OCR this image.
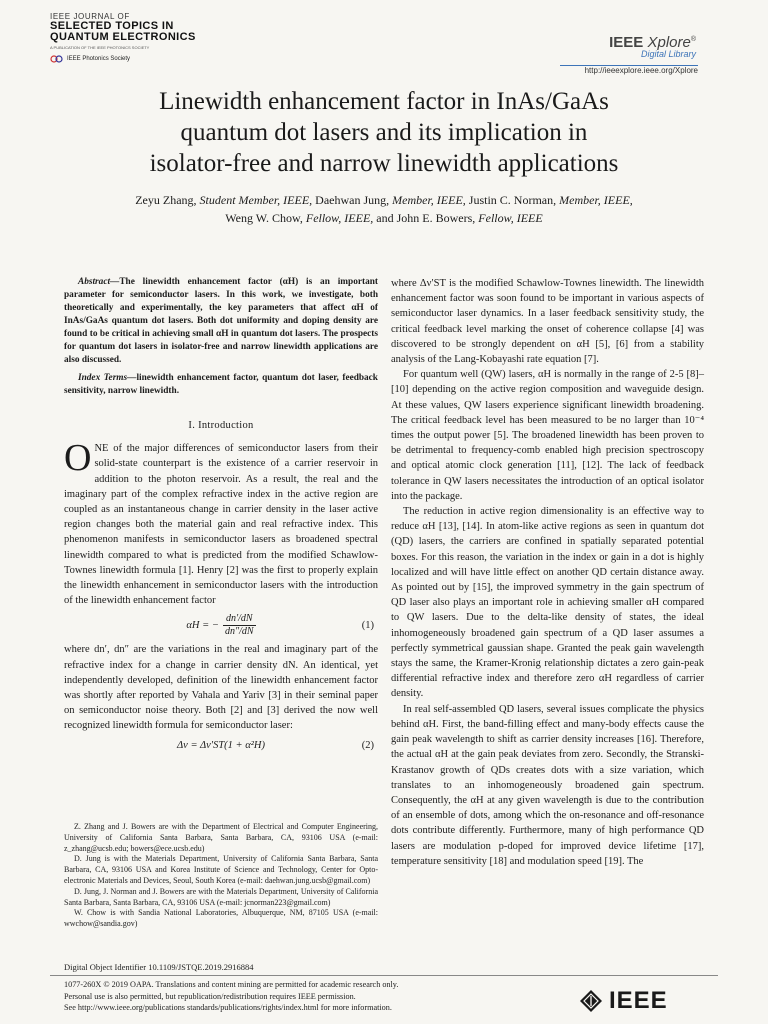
IEEE JOURNAL OF
SELECTED TOPICS IN
QUANTUM ELECTRONICS
A PUBLICATION OF THE IEEE PHOTONICS SOCIETY
IEEE Photonics Society
IEEE Xplore®
Digital Library
http://ieeexplore.ieee.org/Xplore
Linewidth enhancement factor in InAs/GaAs
quantum dot lasers and its implication in
isolator-free and narrow linewidth applications
Zeyu Zhang, Student Member, IEEE, Daehwan Jung, Member, IEEE, Justin C. Norman, Member, IEEE,
Weng W. Chow, Fellow, IEEE, and John E. Bowers, Fellow, IEEE

Abstract—The linewidth enhancement factor (αH) is an important parameter for semiconductor lasers. In this work, we investigate, both theoretically and experimentally, the key parameters that affect αH of InAs/GaAs quantum dot lasers. Both dot uniformity and doping density are found to be critical in achieving small αH in quantum dot lasers. The prospects for quantum dot lasers in isolator-free and narrow linewidth applications are also discussed.

Index Terms—linewidth enhancement factor, quantum dot laser, feedback sensitivity, narrow linewidth.

I. Introduction

ONE of the major differences of semiconductor lasers from their solid-state counterpart is the existence of a carrier reservoir in addition to the photon reservoir. As a result, the real and the imaginary part of the complex refractive index in the active region are coupled as an instantaneous change in carrier density in the laser active region changes both the material gain and real refractive index. This phenomenon manifests in semiconductor lasers as broadened spectral linewidth compared to what is predicted from the modified Schawlow-Townes linewidth formula [1]. Henry [2] was the first to properly explain the linewidth enhancement in semiconductor lasers with the introduction of the linewidth enhancement factor

αH = − $\frac{dn'/dN}{dn''/dN}$	(1)

where dn′, dn″ are the variations in the real and imaginary part of the refractive index for a change in carrier density dN. An identical, yet independently developed, definition of the linewidth enhancement factor was shortly after reported by Vahala and Yariv [3] in their seminal paper on semiconductor noise theory. Both [2] and [3] derived the now well recognized linewidth formula for semiconductor laser:

Δν = Δν′ST(1 + α²H)	(2)

Z. Zhang and J. Bowers are with the Department of Electrical and Computer Engineering, University of California Santa Barbara, Santa Barbara, CA, 93106 USA (e-mail: z_zhang@ucsb.edu; bowers@ece.ucsb.edu)

D. Jung is with the Materials Department, University of California Santa Barbara, Santa Barbara, CA, 93106 USA and Korea Institute of Science and Technology, Center for Opto-electronic Materials and Devices, Seoul, South Korea (e-mail: daehwan.jung.ucsb@gmail.com)

D. Jung, J. Norman and J. Bowers are with the Materials Department, University of California Santa Barbara, Santa Barbara, CA, 93106 USA (e-mail: jcnorman223@gmail.com)

W. Chow is with Sandia National Laboratories, Albuquerque, NM, 87105 USA (e-mail: wwchow@sandia.gov)

where Δν′ST is the modified Schawlow-Townes linewidth. The linewidth enhancement factor was soon found to be important in various aspects of semiconductor laser dynamics. In a laser feedback sensitivity study, the critical feedback level marking the onset of coherence collapse [4] was discovered to be strongly dependent on αH [5], [6] from a stability analysis of the Lang-Kobayashi rate equation [7].

For quantum well (QW) lasers, αH is normally in the range of 2-5 [8]–[10] depending on the active region composition and waveguide design. At these values, QW lasers experience significant linewidth broadening. The critical feedback level has been measured to be no larger than 10⁻⁴ times the output power [5]. The broadened linewidth has been proven to be detrimental to frequency-comb enabled high precision spectroscopy and optical atomic clock generation [11], [12]. The lack of feedback tolerance in QW lasers necessitates the introduction of an optical isolator into the package.

The reduction in active region dimensionality is an effective way to reduce αH [13], [14]. In atom-like active regions as seen in quantum dot (QD) lasers, the carriers are confined in spatially separated potential boxes. For this reason, the variation in the index or gain in a dot is highly localized and will have little effect on another QD certain distance away. As pointed out by [15], the improved symmetry in the gain spectrum of QD laser also plays an important role in achieving smaller αH compared to QW lasers. Due to the delta-like density of states, the ideal inhomogeneously broadened gain spectrum of a QD laser assumes a perfectly symmetrical gaussian shape. Granted the peak gain wavelength stays the same, the Kramer-Kronig relationship dictates a zero gain-peak differential refractive index and therefore zero αH regardless of carrier density.

In real self-assembled QD lasers, several issues complicate the physics behind αH. First, the band-filling effect and many-body effects cause the gain peak wavelength to shift as carrier density increases [16]. Therefore, the actual αH at the gain peak deviates from zero. Secondly, the Stranski-Krastanov growth of QDs creates dots with a size variation, which translates to an inhomogeneously broadened gain spectrum. Consequently, the αH at any given wavelength is due to the contribution of an ensemble of dots, among which the on-resonance and off-resonance dots contribute differently. Furthermore, many of high performance QD lasers are modulation p-doped for improved device lifetime [17], temperature sensitivity [18] and modulation speed [19]. The

Digital Object Identifier 10.1109/JSTQE.2019.2916884

1077-260X © 2019 OAPA. Translations and content mining are permitted for academic research only.

Personal use is also permitted, but republication/redistribution requires IEEE permission.

See http://www.ieee.org/publications standards/publications/rights/index.html for more information.	IEEE
